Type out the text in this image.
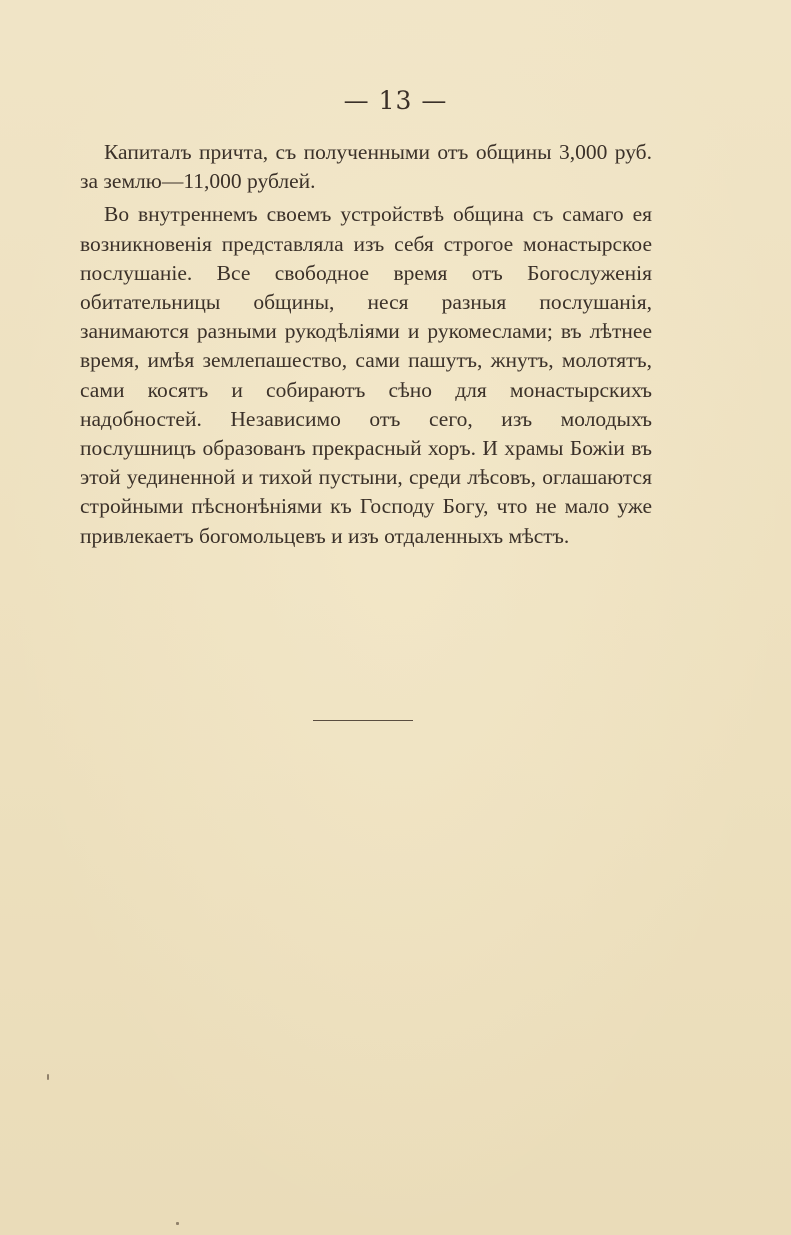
— 13 —

Капиталъ причта, съ полученными отъ общины 3,000 руб. за землю—11,000 рублей.

Во внутреннемъ своемъ устройствѣ община съ самаго ея возникновенія представляла изъ себя строгое монастырское послушаніе. Все свободное время отъ Богослуженія обитательницы общины, неся разныя послушанія, занимаются разными рукодѣліями и рукомеслами; въ лѣтнее время, имѣя землепашество, сами пашутъ, жнутъ, молотятъ, сами косятъ и собираютъ сѣно для монастырскихъ надобностей. Независимо отъ сего, изъ молодыхъ послушницъ образованъ прекрасный хоръ. И храмы Божіи въ этой уединенной и тихой пустыни, среди лѣсовъ, оглашаются стройными пѣснонѣніями къ Господу Богу, что не мало уже привлекаетъ богомольцевъ и изъ отдаленныхъ мѣстъ.
